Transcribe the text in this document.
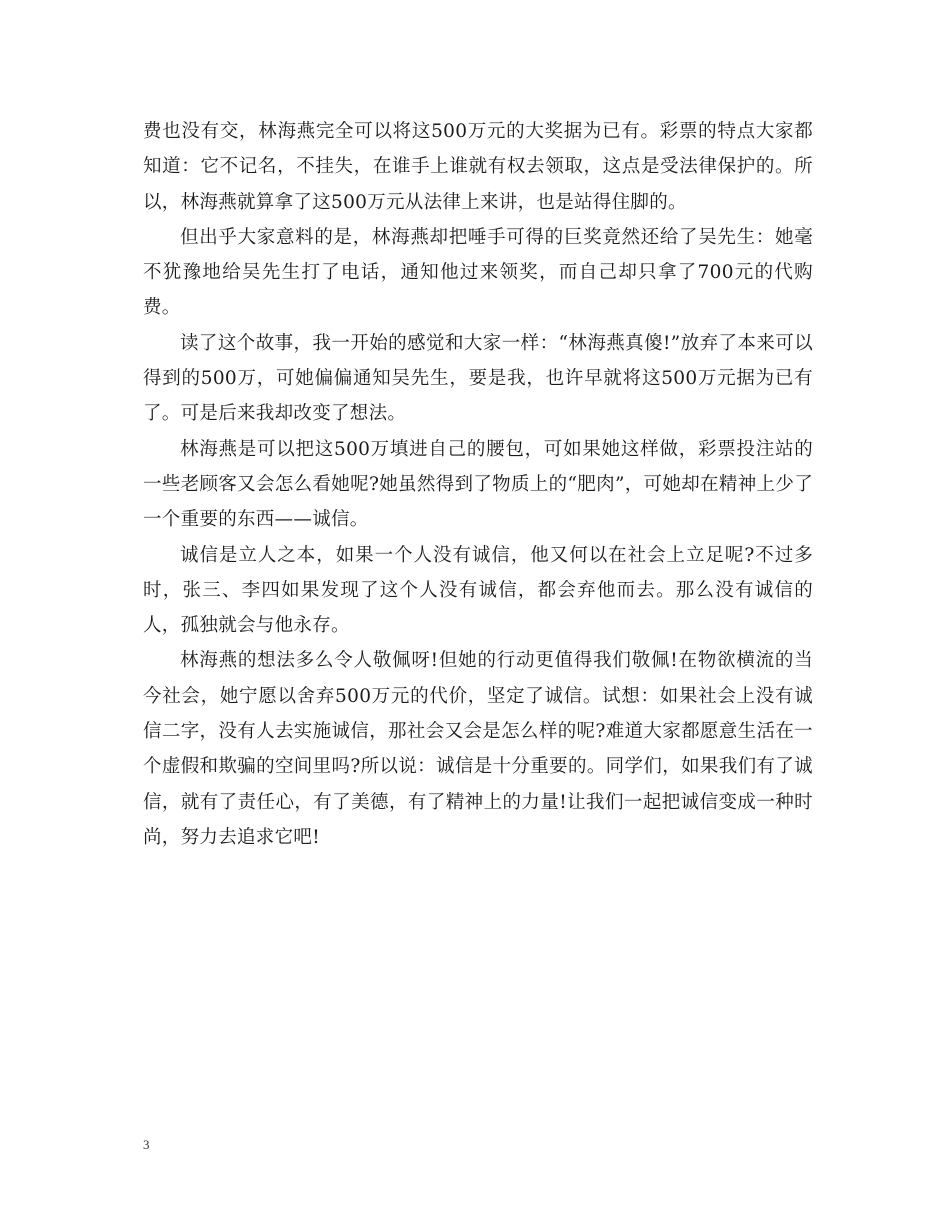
费也没有交，林海燕完全可以将这500万元的大奖据为已有。彩票的特点大家都知道：它不记名，不挂失，在谁手上谁就有权去领取，这点是受法律保护的。所以，林海燕就算拿了这500万元从法律上来讲，也是站得住脚的。

但出乎大家意料的是，林海燕却把唾手可得的巨奖竟然还给了吴先生：她毫不犹豫地给吴先生打了电话，通知他过来领奖，而自己却只拿了700元的代购费。

读了这个故事，我一开始的感觉和大家一样：“林海燕真傻!”放弃了本来可以得到的500万，可她偏偏通知吴先生，要是我，也许早就将这500万元据为已有了。可是后来我却改变了想法。

林海燕是可以把这500万填进自己的腰包，可如果她这样做，彩票投注站的一些老顾客又会怎么看她呢?她虽然得到了物质上的“肥肉”，可她却在精神上少了一个重要的东西——诚信。

诚信是立人之本，如果一个人没有诚信，他又何以在社会上立足呢?不过多时，张三、李四如果发现了这个人没有诚信，都会弃他而去。那么没有诚信的人，孤独就会与他永存。

林海燕的想法多么令人敬佩呀!但她的行动更值得我们敬佩!在物欲横流的当今社会，她宁愿以舍弃500万元的代价，坚定了诚信。试想：如果社会上没有诚信二字，没有人去实施诚信，那社会又会是怎么样的呢?难道大家都愿意生活在一个虚假和欺骗的空间里吗?所以说：诚信是十分重要的。同学们，如果我们有了诚信，就有了责任心，有了美德，有了精神上的力量!让我们一起把诚信变成一种时尚，努力去追求它吧!

3
